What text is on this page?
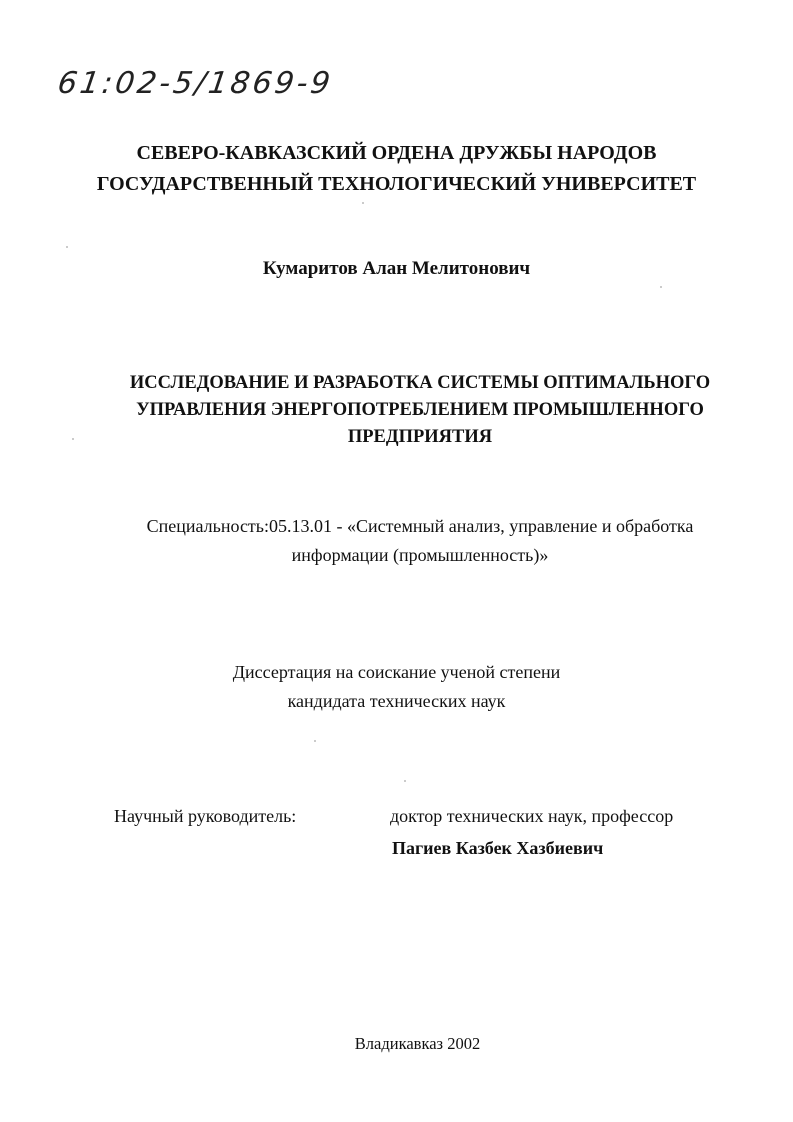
61:02-5/1869-9
СЕВЕРО-КАВКАЗСКИЙ ОРДЕНА ДРУЖБЫ НАРОДОВ
ГОСУДАРСТВЕННЫЙ ТЕХНОЛОГИЧЕСКИЙ УНИВЕРСИТЕТ
Кумаритов Алан Мелитонович
ИССЛЕДОВАНИЕ И РАЗРАБОТКА СИСТЕМЫ ОПТИМАЛЬНОГО
УПРАВЛЕНИЯ ЭНЕРГОПОТРЕБЛЕНИЕМ ПРОМЫШЛЕННОГО
ПРЕДПРИЯТИЯ
Специальность:05.13.01 - «Системный анализ, управление и обработка
информации (промышленность)»
Диссертация на соискание ученой степени
кандидата технических наук
Научный руководитель:	доктор технических наук, профессор
Пагиев Казбек Хазбиевич
Владикавказ 2002
